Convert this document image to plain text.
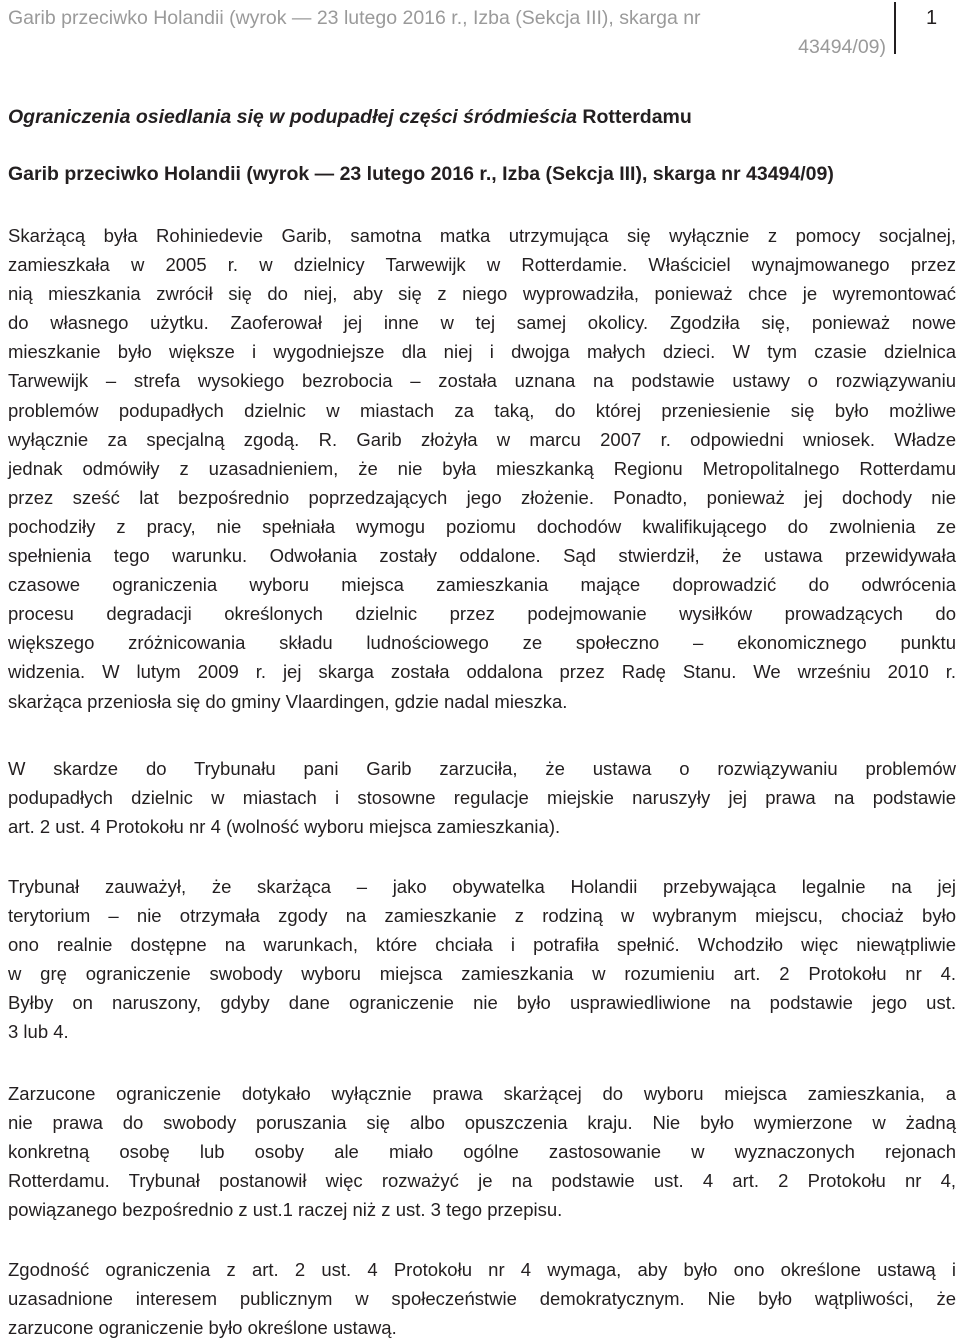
Garib przeciwko Holandii (wyrok — 23 lutego 2016 r., Izba (Sekcja III), skarga nr
43494/09)
1
Ograniczenia osiedlania się w podupadłej części śródmieścia Rotterdamu
Garib przeciwko Holandii (wyrok — 23 lutego 2016 r., Izba (Sekcja III), skarga nr 43494/09)
Skarżącą była Rohiniedevie Garib, samotna matka utrzymująca się wyłącznie z pomocy socjalnej,
zamieszkała w 2005 r. w dzielnicy Tarwewijk w Rotterdamie. Właściciel wynajmowanego przez
nią mieszkania zwrócił się do niej, aby się z niego wyprowadziła, ponieważ chce je wyremontować
do własnego użytku. Zaoferował jej inne w tej samej okolicy. Zgodziła się, ponieważ nowe
mieszkanie było większe i wygodniejsze dla niej i dwojga małych dzieci. W tym czasie dzielnica
Tarwewijk – strefa wysokiego bezrobocia – została uznana na podstawie ustawy o rozwiązywaniu
problemów podupadłych dzielnic w miastach za taką, do której przeniesienie się było możliwe
wyłącznie za specjalną zgodą. R. Garib złożyła w marcu 2007 r. odpowiedni wniosek. Władze
jednak odmówiły z uzasadnieniem, że nie była mieszkanką Regionu Metropolitalnego Rotterdamu
przez sześć lat bezpośrednio poprzedzających jego złożenie. Ponadto, ponieważ jej dochody nie
pochodziły z pracy, nie spełniała wymogu poziomu dochodów kwalifikującego do zwolnienia ze
spełnienia tego warunku. Odwołania zostały oddalone. Sąd stwierdził, że ustawa przewidywała
czasowe ograniczenia wyboru miejsca zamieszkania mające doprowadzić do odwrócenia
procesu degradacji określonych dzielnic przez podejmowanie wysiłków prowadzących do
większego zróżnicowania składu ludnościowego ze społeczno – ekonomicznego punktu
widzenia. W lutym 2009 r. jej skarga została oddalona przez Radę Stanu. We wrześniu 2010 r.
skarżąca przeniosła się do gminy Vlaardingen, gdzie nadal mieszka.
W skardze do Trybunału pani Garib zarzuciła, że ustawa o rozwiązywaniu problemów
podupadłych dzielnic w miastach i stosowne regulacje miejskie naruszyły jej prawa na podstawie
art. 2 ust. 4 Protokołu nr 4 (wolność wyboru miejsca zamieszkania).
Trybunał zauważył, że skarżąca – jako obywatelka Holandii przebywająca legalnie na jej
terytorium – nie otrzymała zgody na zamieszkanie z rodziną w wybranym miejscu, chociaż było
ono realnie dostępne na warunkach, które chciała i potrafiła spełnić. Wchodziło więc niewątpliwie
w grę ograniczenie swobody wyboru miejsca zamieszkania w rozumieniu art. 2 Protokołu nr 4.
Byłby on naruszony, gdyby dane ograniczenie nie było usprawiedliwione na podstawie jego ust.
3 lub 4.
Zarzucone ograniczenie dotykało wyłącznie prawa skarżącej do wyboru miejsca zamieszkania, a
nie prawa do swobody poruszania się albo opuszczenia kraju. Nie było wymierzone w żadną
konkretną osobę lub osoby ale miało ogólne zastosowanie w wyznaczonych rejonach
Rotterdamu. Trybunał postanowił więc rozważyć je na podstawie ust. 4 art. 2 Protokołu nr 4,
powiązanego bezpośrednio z ust.1 raczej niż z ust. 3 tego przepisu.
Zgodność ograniczenia z art. 2 ust. 4 Protokołu nr 4 wymaga, aby było ono określone ustawą i
uzasadnione interesem publicznym w społeczeństwie demokratycznym. Nie było wątpliwości, że
zarzucone ograniczenie było określone ustawą.
